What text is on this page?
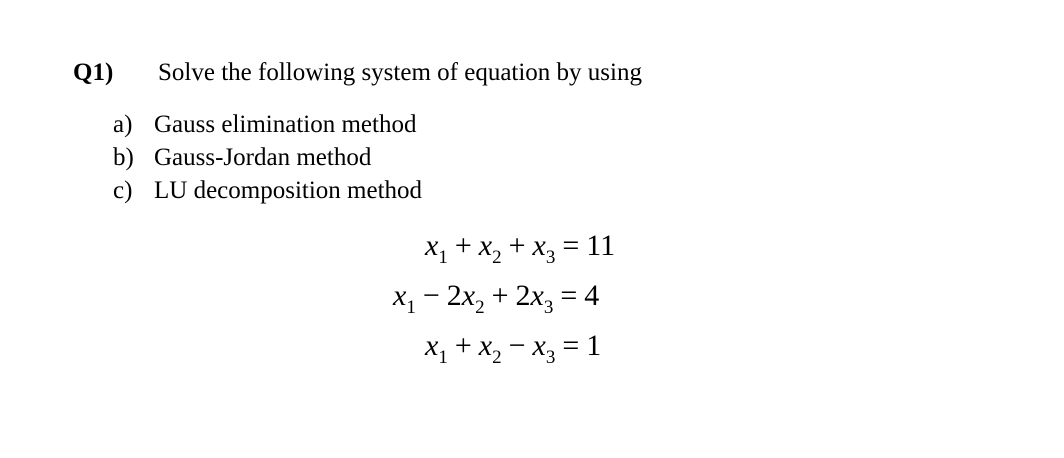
Q1) Solve the following system of equation by using
a) Gauss elimination method
b) Gauss-Jordan method
c) LU decomposition method
$x_1 + x_2 + x_3 = 11$
$x_1 - 2x_2 + 2x_3 = 4$
$x_1 + x_2 - x_3 = 1$
